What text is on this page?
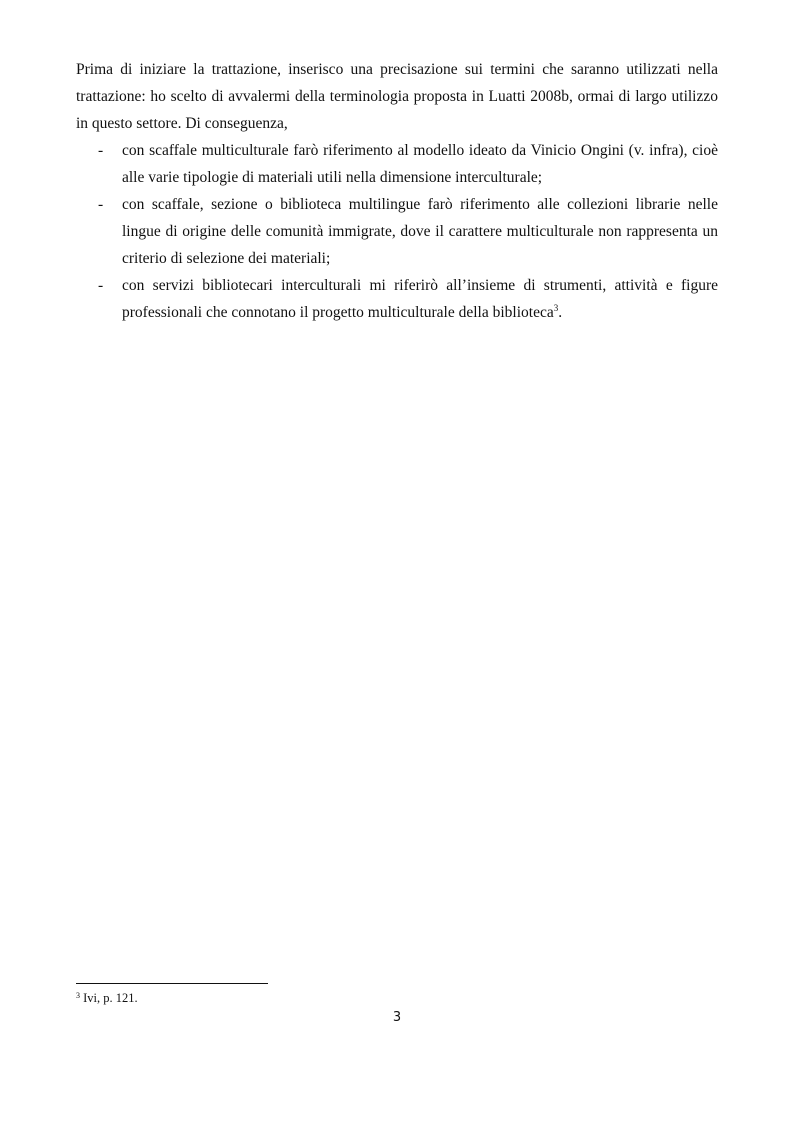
Prima di iniziare la trattazione, inserisco una precisazione sui termini che saranno utilizzati nella trattazione: ho scelto di avvalermi della terminologia proposta in Luatti 2008b, ormai di largo utilizzo in questo settore. Di conseguenza,

- con scaffale multiculturale farò riferimento al modello ideato da Vinicio Ongini (v. infra), cioè alle varie tipologie di materiali utili nella dimensione interculturale;
- con scaffale, sezione o biblioteca multilingue farò riferimento alle collezioni librarie nelle lingue di origine delle comunità immigrate, dove il carattere multiculturale non rappresenta un criterio di selezione dei materiali;
- con servizi bibliotecari interculturali mi riferirò all’insieme di strumenti, attività e figure professionali che connotano il progetto multiculturale della biblioteca$^3$.
$^3$ Ivi, p. 121.
3
